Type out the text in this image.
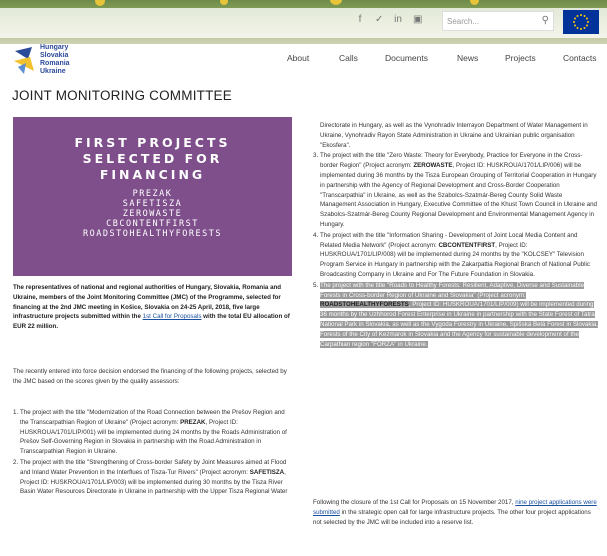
f ✓ in ▣	Search...	⚲
Hungary
Slovakia
Romania
Ukraine
About	Calls	Documents	News	Projects	Contacts
JOINT MONITORING COMMITTEE
FIRST PROJECTS
SELECTED FOR
FINANCING
PREZAK
SAFETISZA
ZEROWASTE
CBCONTENTFIRST
ROADSTOHEALTHYFORESTS
The representatives of national and regional authorities of Hungary, Slovakia, Romania and Ukraine, members of the Joint Monitoring Committee (JMC) of the Programme, selected for financing at the 2nd JMC meeting in Košice, Slovakia on 24-25 April, 2018, five large infrastructure projects submitted within the 1st Call for Proposals with the total EU allocation of EUR 22 million.
The recently entered into force decision endorsed the financing of the following projects, selected by the JMC based on the scores given by the quality assessors:
1. The project with the title "Modernization of the Road Connection between the Prešov Region and the Transcarpathian Region of Ukraine" (Project acronym: PREZAK, Project ID: HUSKROUA/1701/LIP/001) will be implemented during 24 months by the Roads Administration of Prešov Self-Governing Region in Slovakia in partnership with the Road Administration in Transcarpathian Region in Ukraine.
2. The project with the title "Strengthening of Cross-border Safety by Joint Measures aimed at Flood and Inland Water Prevention in the Interflues of Tisza-Tur Rivers" (Project acronym: SAFETISZA, Project ID: HUSKROUA/1701/LIP/003) will be implemented during 30 months by the Tisza River Basin Water Resources Directorate in Ukraine in partnership with the Upper Tisza Regional Water
Directorate in Hungary, as well as the Vynohradiv Interrayon Department of Water Management in Ukraine, Vynohradiv Rayon State Administration in Ukraine and Ukrainian public organisation "Ekosfera".
3. The project with the title "Zero Waste: Theory for Everybody, Practice for Everyone in the Cross-border Region" (Project acronym: ZEROWASTE, Project ID: HUSKROUA/1701/LIP/006) will be implemented during 36 months by the Tisza European Grouping of Territorial Cooperation in Hungary in partnership with the Agency of Regional Development and Cross-Border Cooperation "Transcarpathia" in Ukraine, as well as the Szabolcs-Szatmár-Bereg County Solid Waste Management Association in Hungary, Executive Committee of the Khust Town Council in Ukraine and Szabolcs-Szatmár-Bereg County Regional Development and Environmental Management Agency in Hungary.
4. The project with the title "Information Sharing - Development of Joint Local Media Content and Related Media Network" (Project acronym: CBCONTENTFIRST, Project ID: HUSKROUA/1701/LIP/008) will be implemented during 24 months by the "KOLCSEY" Television Program Service in Hungary in partnership with the Zakarpattia Regional Branch of National Public Broadcasting Company in Ukraine and For The Future Foundation in Slovakia.
5. The project with the title "Roads to Healthy Forests: Resilient, Adaptive, Diverse and Sustainable Forests in Cross-border Region of Ukraine and Slovakia" (Project acronym: ROADSTOHEALTHYFORESTS, Project ID: HUSKROUA/1701/LIP/009) will be implemented during 36 months by the Uzhhorod Forest Enterprise in Ukraine in partnership with the State Forest of Tatra National Park in Slovakia, as well as the Vygoda Forestry in Ukraine, Spišská Belá Forest in Slovakia, Forests of the City of Kezmarok in Slovakia and the Agency for sustainable development of the Carpathian region "FORZA" in Ukraine.
Following the closure of the 1st Call for Proposals on 15 November 2017, nine project applications were submitted in the strategic open call for large infrastructure projects. The other four project applications not selected by the JMC will be included into a reserve list.
